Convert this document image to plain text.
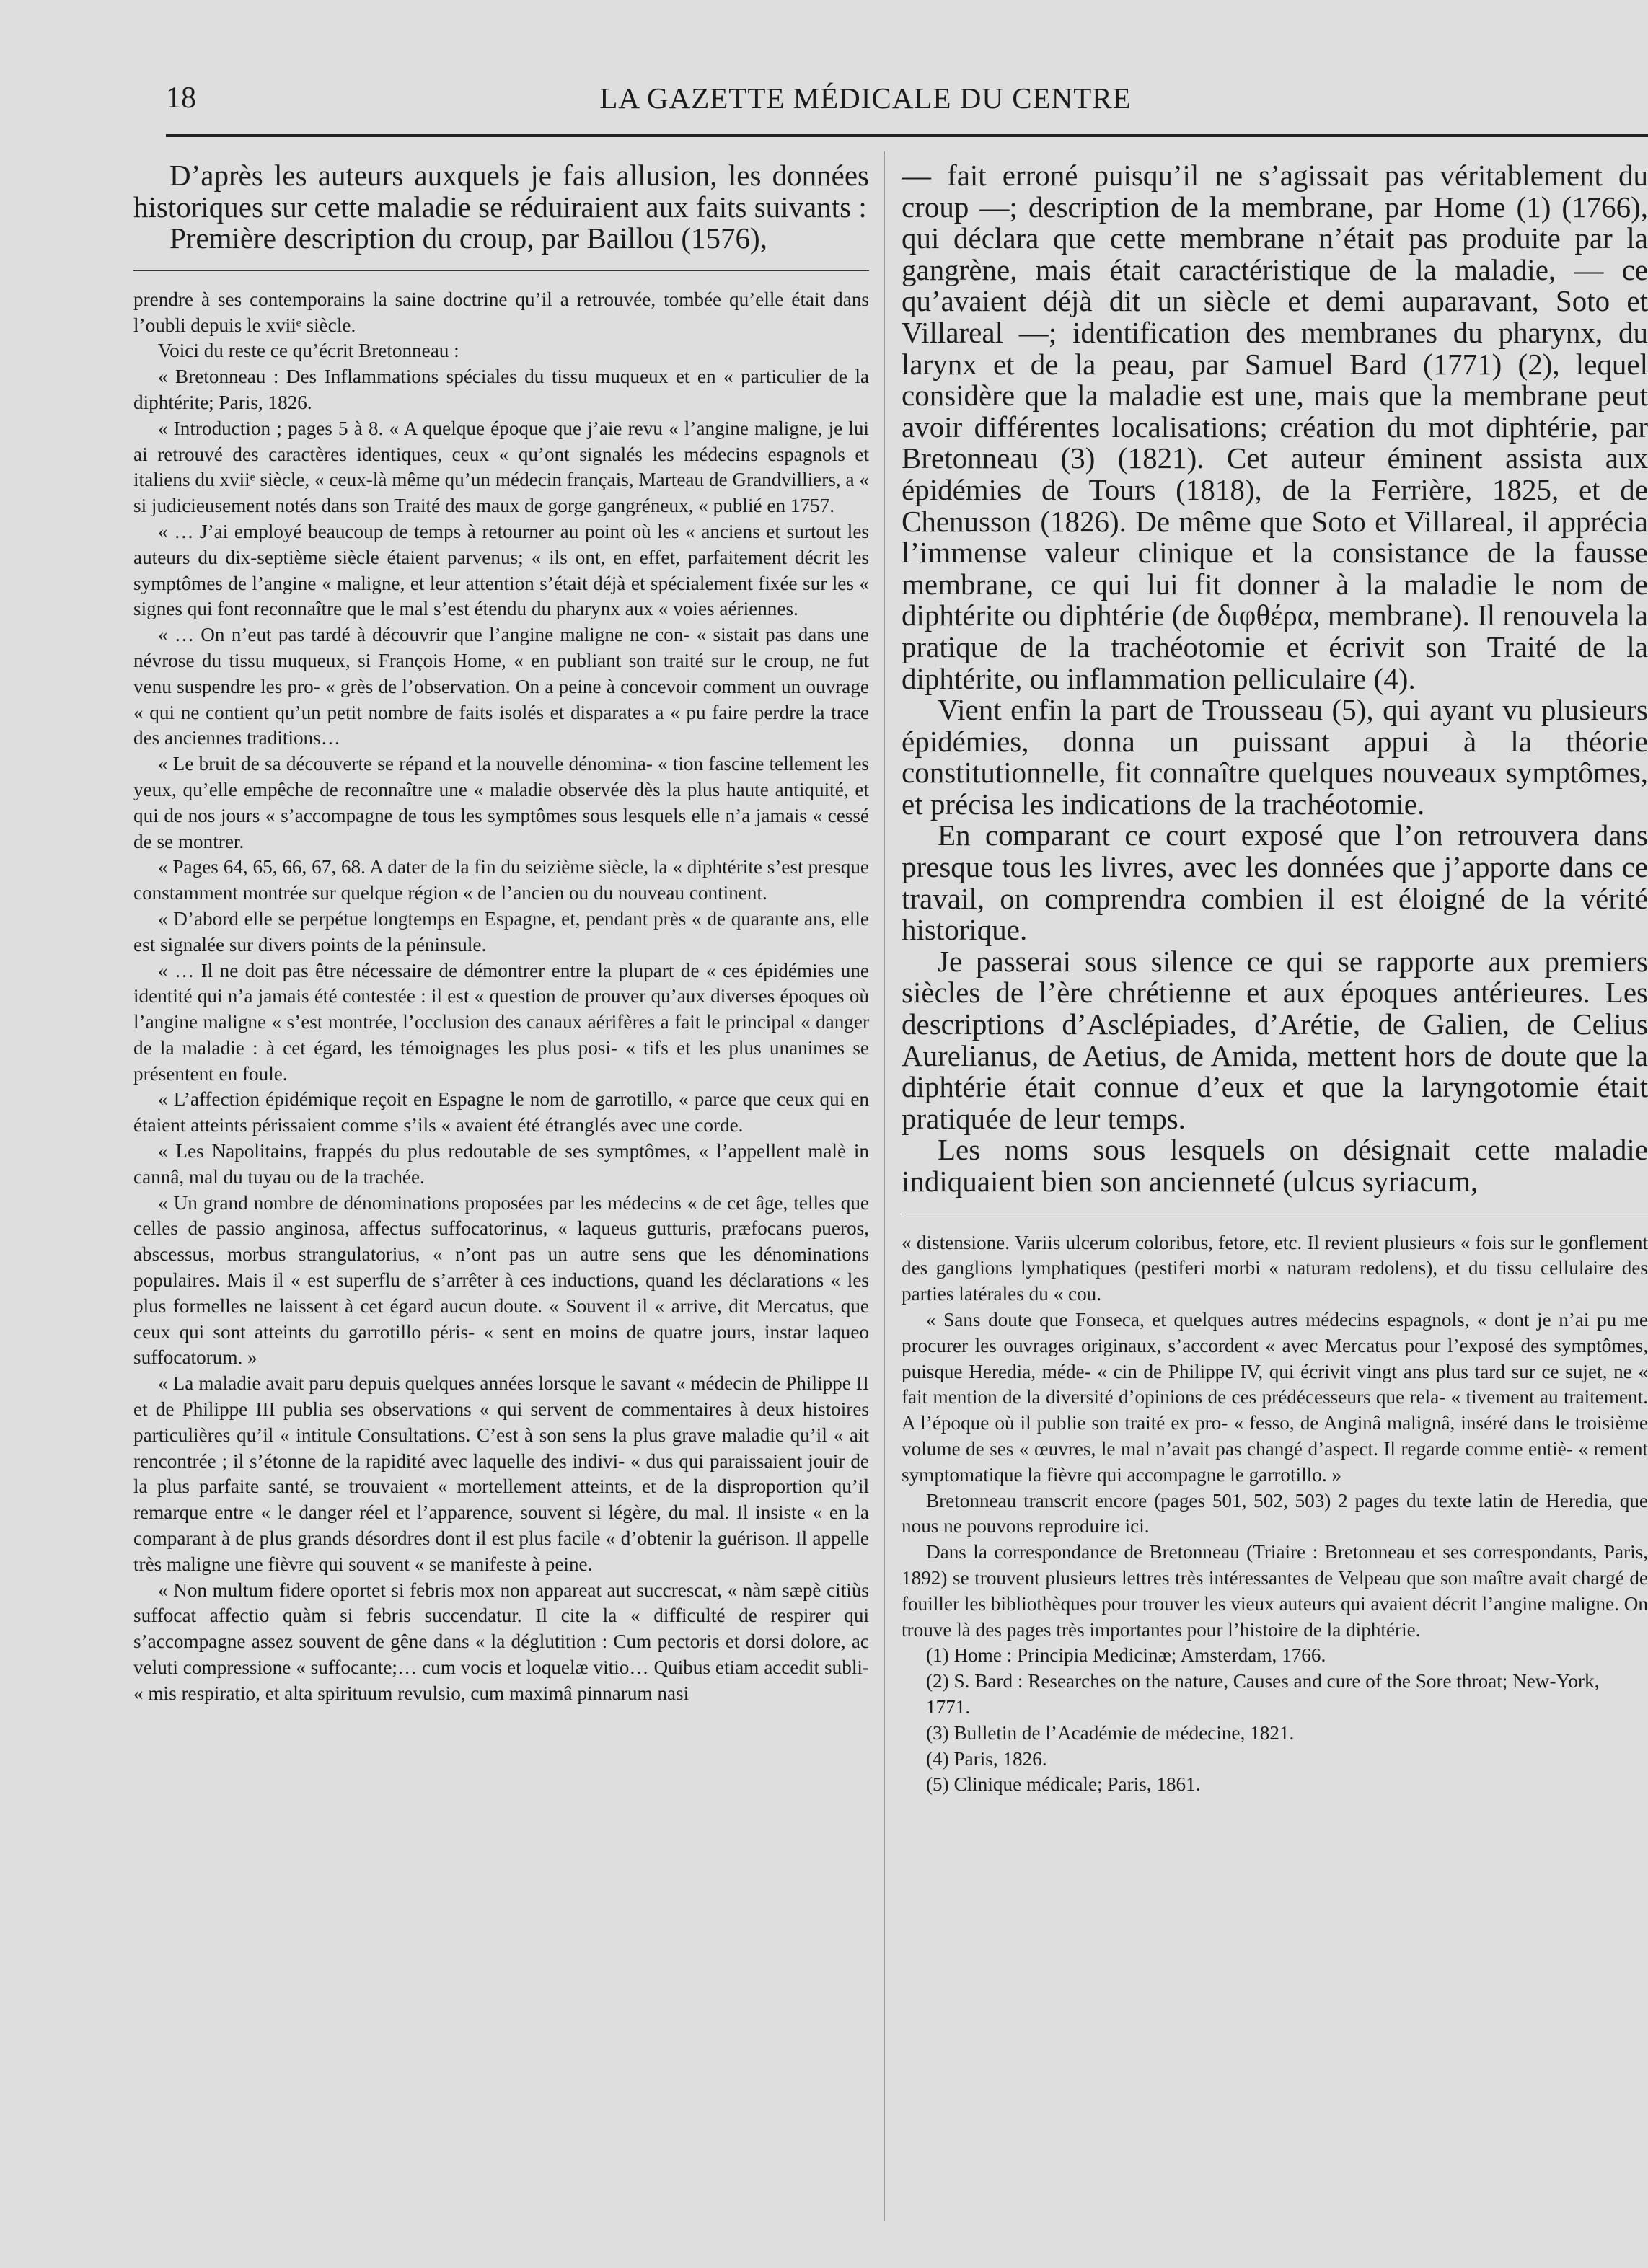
18	LA GAZETTE MÉDICALE DU CENTRE

D’après les auteurs auxquels je fais allusion, les données historiques sur cette maladie se réduiraient aux faits suivants :

Première description du croup, par Baillou (1576),

prendre à ses contemporains la saine doctrine qu’il a retrouvée, tombée qu’elle était dans l’oubli depuis le xviiᵉ siècle.

Voici du reste ce qu’écrit Bretonneau :

« Bretonneau : Des Inflammations spéciales du tissu muqueux et en « particulier de la diphtérite; Paris, 1826.

« Introduction ; pages 5 à 8. « A quelque époque que j’aie revu « l’angine maligne, je lui ai retrouvé des caractères identiques, ceux « qu’ont signalés les médecins espagnols et italiens du xviiᵉ siècle, « ceux-là même qu’un médecin français, Marteau de Grandvilliers, a « si judicieusement notés dans son Traité des maux de gorge gangréneux, « publié en 1757.

« … J’ai employé beaucoup de temps à retourner au point où les « anciens et surtout les auteurs du dix-septième siècle étaient parvenus; « ils ont, en effet, parfaitement décrit les symptômes de l’angine « maligne, et leur attention s’était déjà et spécialement fixée sur les « signes qui font reconnaître que le mal s’est étendu du pharynx aux « voies aériennes.

« … On n’eut pas tardé à découvrir que l’angine maligne ne con- « sistait pas dans une névrose du tissu muqueux, si François Home, « en publiant son traité sur le croup, ne fut venu suspendre les pro- « grès de l’observation. On a peine à concevoir comment un ouvrage « qui ne contient qu’un petit nombre de faits isolés et disparates a « pu faire perdre la trace des anciennes traditions…

« Le bruit de sa découverte se répand et la nouvelle dénomina- « tion fascine tellement les yeux, qu’elle empêche de reconnaître une « maladie observée dès la plus haute antiquité, et qui de nos jours « s’accompagne de tous les symptômes sous lesquels elle n’a jamais « cessé de se montrer.

« Pages 64, 65, 66, 67, 68. A dater de la fin du seizième siècle, la « diphtérite s’est presque constamment montrée sur quelque région « de l’ancien ou du nouveau continent.

« D’abord elle se perpétue longtemps en Espagne, et, pendant près « de quarante ans, elle est signalée sur divers points de la péninsule.

« … Il ne doit pas être nécessaire de démontrer entre la plupart de « ces épidémies une identité qui n’a jamais été contestée : il est « question de prouver qu’aux diverses époques où l’angine maligne « s’est montrée, l’occlusion des canaux aérifères a fait le principal « danger de la maladie : à cet égard, les témoignages les plus posi- « tifs et les plus unanimes se présentent en foule.

« L’affection épidémique reçoit en Espagne le nom de garrotillo, « parce que ceux qui en étaient atteints périssaient comme s’ils « avaient été étranglés avec une corde.

« Les Napolitains, frappés du plus redoutable de ses symptômes, « l’appellent malè in cannâ, mal du tuyau ou de la trachée.

« Un grand nombre de dénominations proposées par les médecins « de cet âge, telles que celles de passio anginosa, affectus suffocatorinus, « laqueus gutturis, præfocans pueros, abscessus, morbus strangulatorius, « n’ont pas un autre sens que les dénominations populaires. Mais il « est superflu de s’arrêter à ces inductions, quand les déclarations « les plus formelles ne laissent à cet égard aucun doute. « Souvent il « arrive, dit Mercatus, que ceux qui sont atteints du garrotillo péris- « sent en moins de quatre jours, instar laqueo suffocatorum. »

« La maladie avait paru depuis quelques années lorsque le savant « médecin de Philippe II et de Philippe III publia ses observations « qui servent de commentaires à deux histoires particulières qu’il « intitule Consultations. C’est à son sens la plus grave maladie qu’il « ait rencontrée ; il s’étonne de la rapidité avec laquelle des indivi- « dus qui paraissaient jouir de la plus parfaite santé, se trouvaient « mortellement atteints, et de la disproportion qu’il remarque entre « le danger réel et l’apparence, souvent si légère, du mal. Il insiste « en la comparant à de plus grands désordres dont il est plus facile « d’obtenir la guérison. Il appelle très maligne une fièvre qui souvent « se manifeste à peine.

« Non multum fidere oportet si febris mox non appareat aut succrescat, « nàm sæpè citiùs suffocat affectio quàm si febris succendatur. Il cite la « difficulté de respirer qui s’accompagne assez souvent de gêne dans « la déglutition : Cum pectoris et dorsi dolore, ac veluti compressione « suffocante;… cum vocis et loquelæ vitio… Quibus etiam accedit subli- « mis respiratio, et alta spirituum revulsio, cum maximâ pinnarum nasi

— fait erroné puisqu’il ne s’agissait pas véritablement du croup —; description de la membrane, par Home (1) (1766), qui déclara que cette membrane n’était pas produite par la gangrène, mais était caractéristique de la maladie, — ce qu’avaient déjà dit un siècle et demi auparavant, Soto et Villareal —; identification des membranes du pharynx, du larynx et de la peau, par Samuel Bard (1771) (2), lequel considère que la maladie est une, mais que la membrane peut avoir différentes localisations; création du mot diphtérie, par Bretonneau (3) (1821). Cet auteur éminent assista aux épidémies de Tours (1818), de la Ferrière, 1825, et de Chenusson (1826). De même que Soto et Villareal, il apprécia l’immense valeur clinique et la consistance de la fausse membrane, ce qui lui fit donner à la maladie le nom de diphtérite ou diphtérie (de διφθέρα, membrane). Il renouvela la pratique de la trachéotomie et écrivit son Traité de la diphtérite, ou inflammation pelliculaire (4).

Vient enfin la part de Trousseau (5), qui ayant vu plusieurs épidémies, donna un puissant appui à la théorie constitutionnelle, fit connaître quelques nouveaux symptômes, et précisa les indications de la trachéotomie.

En comparant ce court exposé que l’on retrouvera dans presque tous les livres, avec les données que j’apporte dans ce travail, on comprendra combien il est éloigné de la vérité historique.

Je passerai sous silence ce qui se rapporte aux premiers siècles de l’ère chrétienne et aux époques antérieures. Les descriptions d’Asclépiades, d’Arétie, de Galien, de Celius Aurelianus, de Aetius, de Amida, mettent hors de doute que la diphtérie était connue d’eux et que la laryngotomie était pratiquée de leur temps.

Les noms sous lesquels on désignait cette maladie indiquaient bien son ancienneté (ulcus syriacum,

« distensione. Variis ulcerum coloribus, fetore, etc. Il revient plusieurs « fois sur le gonflement des ganglions lymphatiques (pestiferi morbi « naturam redolens), et du tissu cellulaire des parties latérales du « cou.

« Sans doute que Fonseca, et quelques autres médecins espagnols, « dont je n’ai pu me procurer les ouvrages originaux, s’accordent « avec Mercatus pour l’exposé des symptômes, puisque Heredia, méde- « cin de Philippe IV, qui écrivit vingt ans plus tard sur ce sujet, ne « fait mention de la diversité d’opinions de ces prédécesseurs que rela- « tivement au traitement. A l’époque où il publie son traité ex pro- « fesso, de Anginâ malignâ, inséré dans le troisième volume de ses « œuvres, le mal n’avait pas changé d’aspect. Il regarde comme entiè- « rement symptomatique la fièvre qui accompagne le garrotillo. »

Bretonneau transcrit encore (pages 501, 502, 503) 2 pages du texte latin de Heredia, que nous ne pouvons reproduire ici.

Dans la correspondance de Bretonneau (Triaire : Bretonneau et ses correspondants, Paris, 1892) se trouvent plusieurs lettres très intéressantes de Velpeau que son maître avait chargé de fouiller les bibliothèques pour trouver les vieux auteurs qui avaient décrit l’angine maligne. On trouve là des pages très importantes pour l’histoire de la diphtérie.

(1) Home : Principia Medicinæ; Amsterdam, 1766.

(2) S. Bard : Researches on the nature, Causes and cure of the Sore throat; New-York, 1771.

(3) Bulletin de l’Académie de médecine, 1821.

(4) Paris, 1826.

(5) Clinique médicale; Paris, 1861.
